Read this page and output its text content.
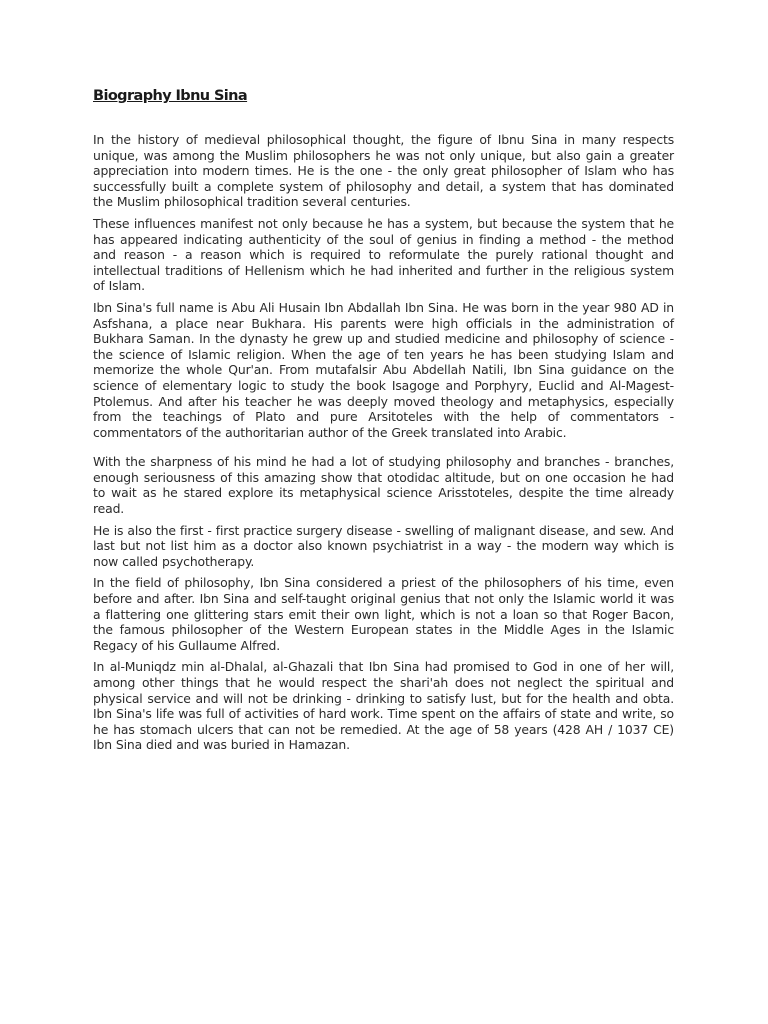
Biography Ibnu Sina

In the history of medieval philosophical thought, the figure of Ibnu Sina in many respects unique, was among the Muslim philosophers he was not only unique, but also gain a greater appreciation into modern times. He is the one - the only great philosopher of Islam who has successfully built a complete system of philosophy and detail, a system that has dominated the Muslim philosophical tradition several centuries.

These influences manifest not only because he has a system, but because the system that he has appeared indicating authenticity of the soul of genius in finding a method - the method and reason - a reason which is required to reformulate the purely rational thought and intellectual traditions of Hellenism which he had inherited and further in the religious system of Islam.

Ibn Sina's full name is Abu Ali Husain Ibn Abdallah Ibn Sina. He was born in the year 980 AD in Asfshana, a place near Bukhara. His parents were high officials in the administration of Bukhara Saman. In the dynasty he grew up and studied medicine and philosophy of science - the science of Islamic religion. When the age of ten years he has been studying Islam and memorize the whole Qur'an. From mutafalsir Abu Abdellah Natili, Ibn Sina guidance on the science of elementary logic to study the book Isagoge and Porphyry, Euclid and Al-Magest-Ptolemus. And after his teacher he was deeply moved theology and metaphysics, especially from the teachings of Plato and pure Arsitoteles with the help of commentators - commentators of the authoritarian author of the Greek translated into Arabic.

With the sharpness of his mind he had a lot of studying philosophy and branches - branches, enough seriousness of this amazing show that otodidac altitude, but on one occasion he had to wait as he stared explore its metaphysical science Arisstoteles, despite the time already read.

He is also the first - first practice surgery disease - swelling of malignant disease, and sew. And last but not list him as a doctor also known psychiatrist in a way - the modern way which is now called psychotherapy.

In the field of philosophy, Ibn Sina considered a priest of the philosophers of his time, even before and after. Ibn Sina and self-taught original genius that not only the Islamic world it was a flattering one glittering stars emit their own light, which is not a loan so that Roger Bacon, the famous philosopher of the Western European states in the Middle Ages in the Islamic Regacy of his Gullaume Alfred.

In al-Muniqdz min al-Dhalal, al-Ghazali that Ibn Sina had promised to God in one of her will, among other things that he would respect the shari'ah does not neglect the spiritual and physical service and will not be drinking - drinking to satisfy lust, but for the health and obta. Ibn Sina's life was full of activities of hard work. Time spent on the affairs of state and write, so he has stomach ulcers that can not be remedied. At the age of 58 years (428 AH / 1037 CE) Ibn Sina died and was buried in Hamazan.
